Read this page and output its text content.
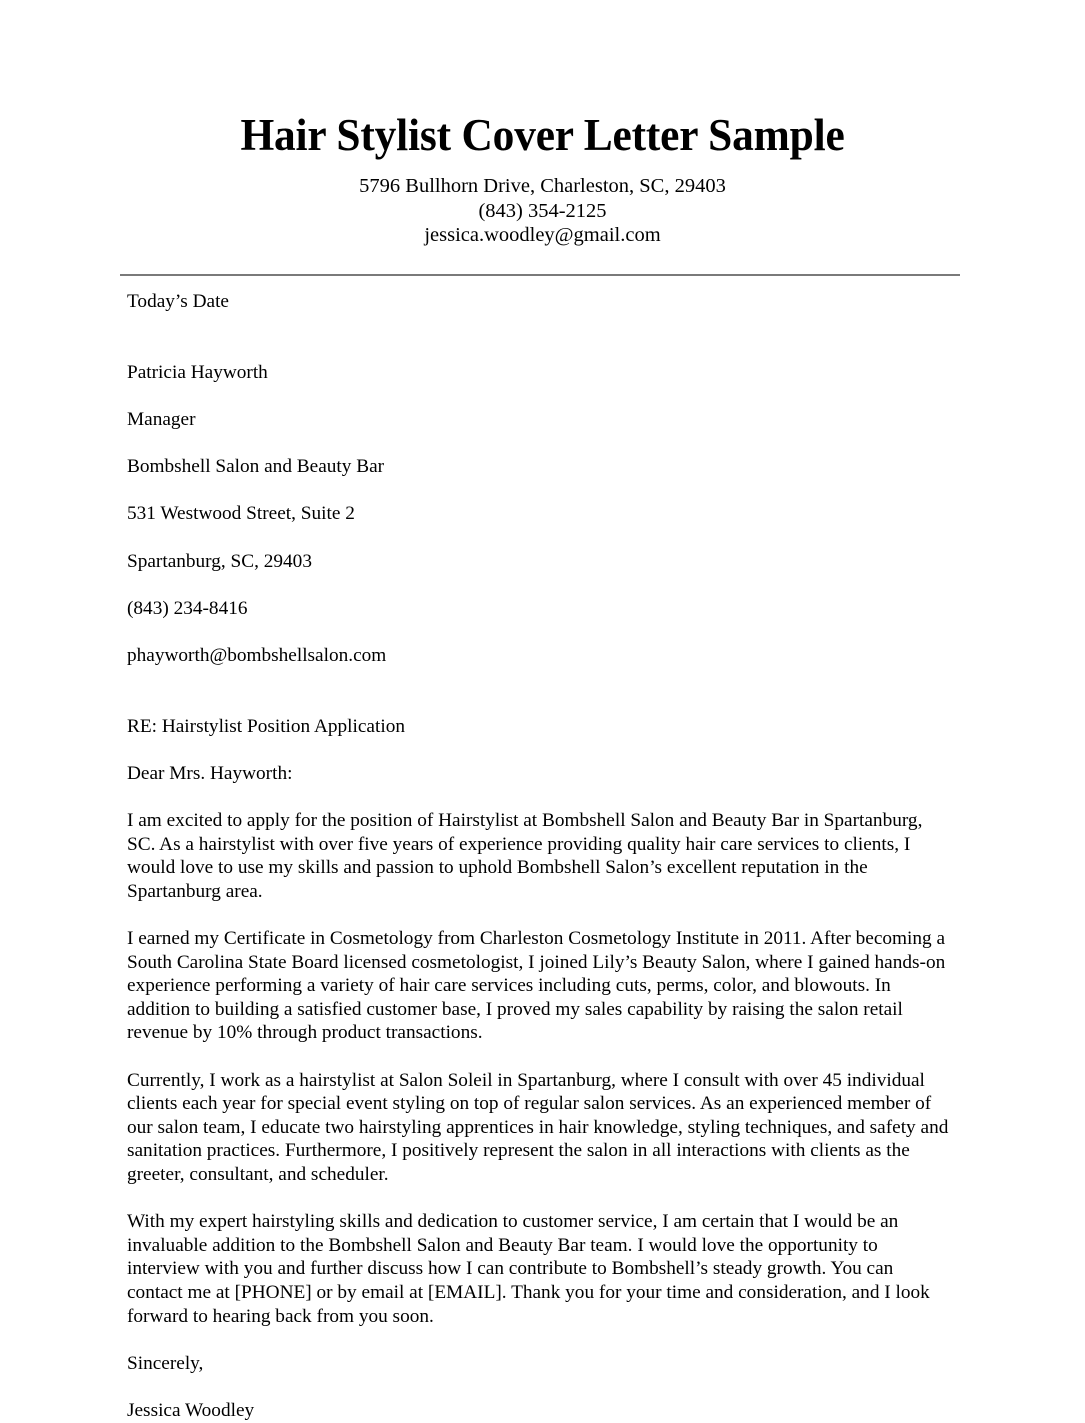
Hair Stylist Cover Letter Sample
5796 Bullhorn Drive, Charleston, SC, 29403
(843) 354-2125
jessica.woodley@gmail.com

Today’s Date

Patricia Hayworth

Manager

Bombshell Salon and Beauty Bar

531 Westwood Street, Suite 2

Spartanburg, SC, 29403

(843) 234-8416

phayworth@bombshellsalon.com

RE: Hairstylist Position Application

Dear Mrs. Hayworth:

I am excited to apply for the position of Hairstylist at Bombshell Salon and Beauty Bar in Spartanburg, SC. As a hairstylist with over five years of experience providing quality hair care services to clients, I would love to use my skills and passion to uphold Bombshell Salon’s excellent reputation in the Spartanburg area.

I earned my Certificate in Cosmetology from Charleston Cosmetology Institute in 2011. After becoming a South Carolina State Board licensed cosmetologist, I joined Lily’s Beauty Salon, where I gained hands-on experience performing a variety of hair care services including cuts, perms, color, and blowouts. In addition to building a satisfied customer base, I proved my sales capability by raising the salon retail revenue by 10% through product transactions.

Currently, I work as a hairstylist at Salon Soleil in Spartanburg, where I consult with over 45 individual clients each year for special event styling on top of regular salon services. As an experienced member of our salon team, I educate two hairstyling apprentices in hair knowledge, styling techniques, and safety and sanitation practices. Furthermore, I positively represent the salon in all interactions with clients as the greeter, consultant, and scheduler.

With my expert hairstyling skills and dedication to customer service, I am certain that I would be an invaluable addition to the Bombshell Salon and Beauty Bar team. I would love the opportunity to interview with you and further discuss how I can contribute to Bombshell’s steady growth. You can contact me at [PHONE] or by email at [EMAIL]. Thank you for your time and consideration, and I look forward to hearing back from you soon.

Sincerely,

Jessica Woodley
